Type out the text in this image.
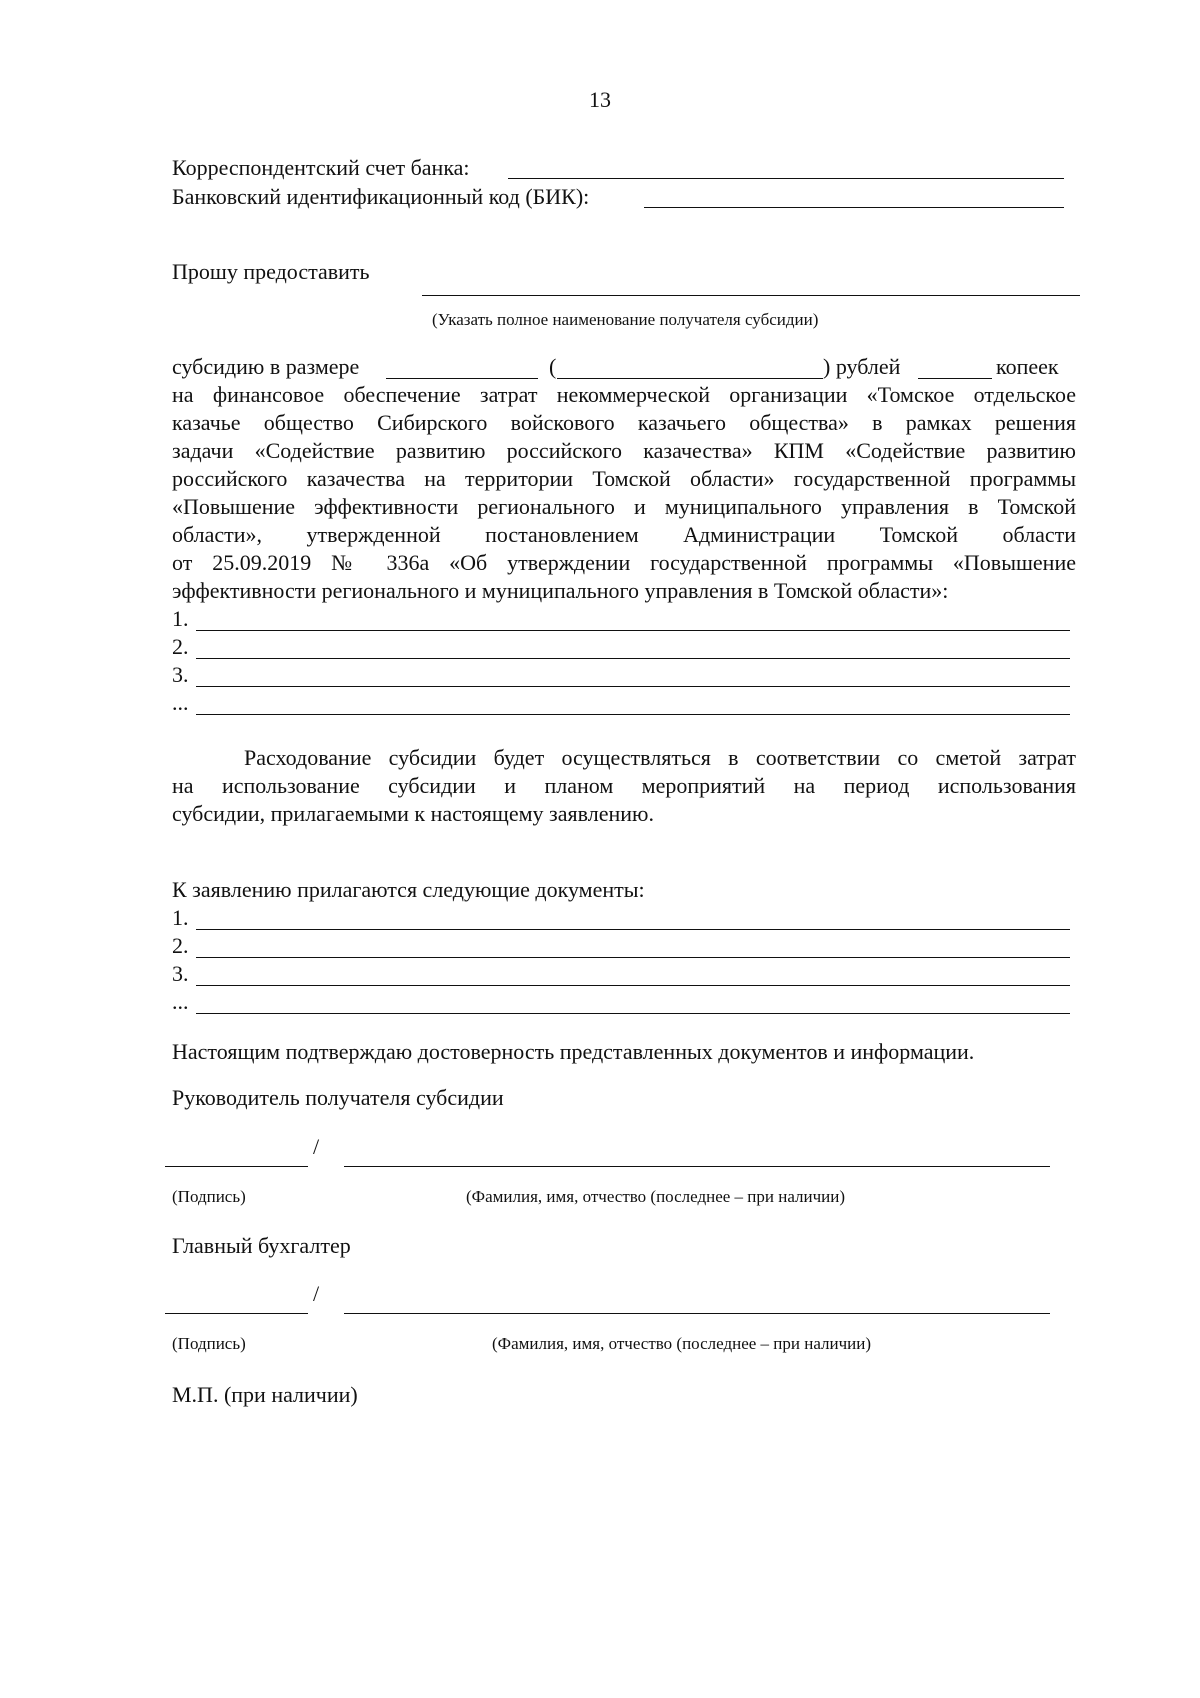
13
Корреспондентский счет банка:
Банковский идентификационный код (БИК):
Прошу предоставить
(Указать полное наименование получателя субсидии)
субсидию в размере	(	) рублей	копеек
на финансовое обеспечение затрат некоммерческой организации «Томское отдельское
казачье общество Сибирского войскового казачьего общества» в рамках решения
задачи «Содействие развитию российского казачества» КПМ «Содействие развитию
российского казачества на территории Томской области» государственной программы
«Повышение эффективности регионального и муниципального управления в Томской
области», утвержденной постановлением Администрации Томской области
от 25.09.2019 № 336а «Об утверждении государственной программы «Повышение
эффективности регионального и муниципального управления в Томской области»:
1.
2.
3.
...
Расходование субсидии будет осуществляться в соответствии со сметой затрат
на использование субсидии и планом мероприятий на период использования
субсидии, прилагаемыми к настоящему заявлению.
К заявлению прилагаются следующие документы:
1.
2.
3.
...
Настоящим подтверждаю достоверность представленных документов и информации.
Руководитель получателя субсидии
/
(Подпись)	(Фамилия, имя, отчество (последнее – при наличии)
Главный бухгалтер
/
(Подпись)	(Фамилия, имя, отчество (последнее – при наличии)
М.П. (при наличии)
